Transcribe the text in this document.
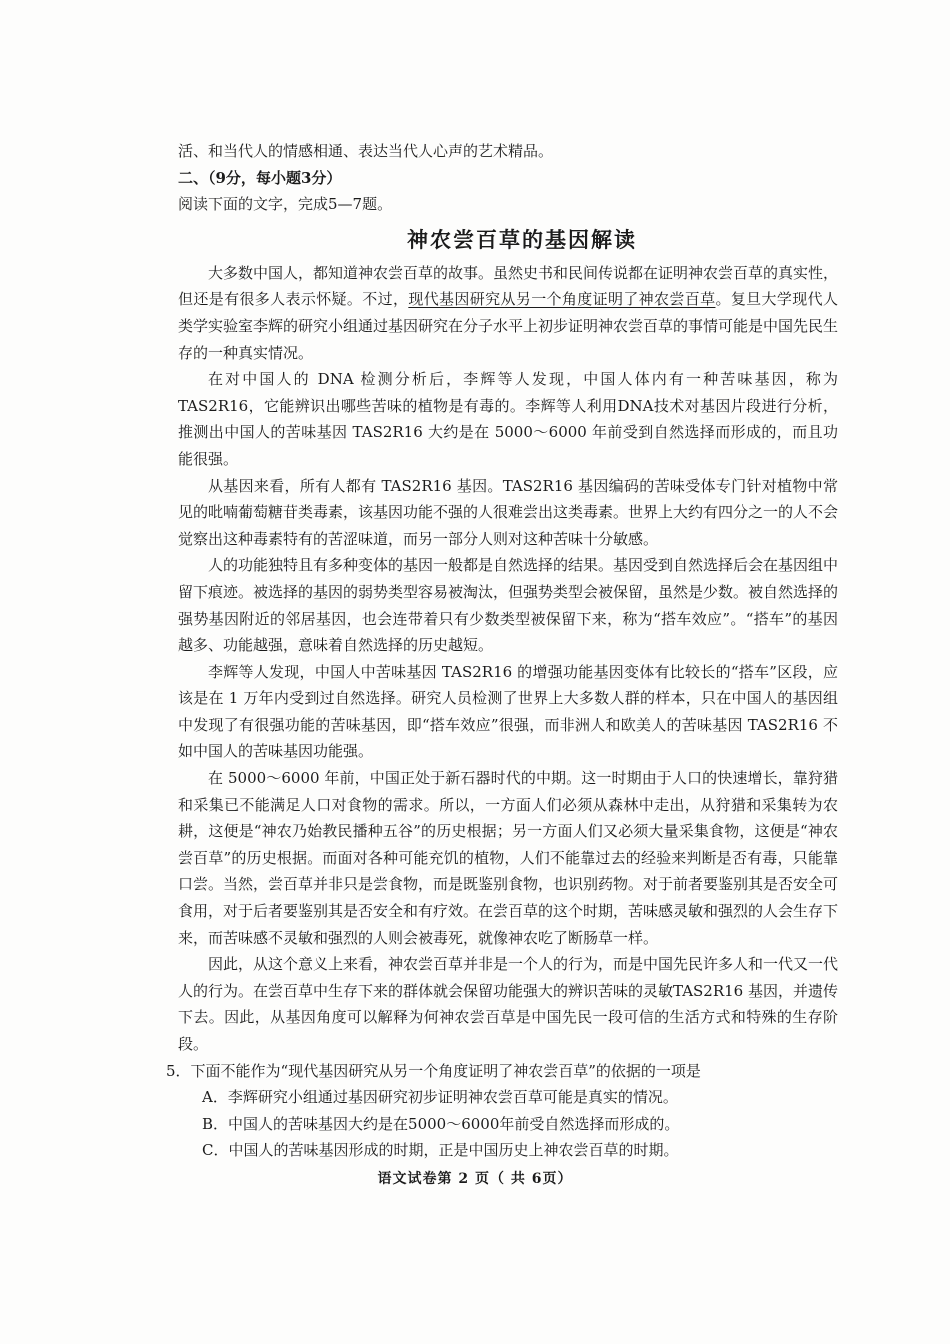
活、和当代人的情感相通、表达当代人心声的艺术精品。
二、（9分，每小题3分）
阅读下面的文字，完成5—7题。
神农尝百草的基因解读

大多数中国人，都知道神农尝百草的故事。虽然史书和民间传说都在证明神农尝百草的真实性，但还是有很多人表示怀疑。不过，现代基因研究从另一个角度证明了神农尝百草。复旦大学现代人类学实验室李辉的研究小组通过基因研究在分子水平上初步证明神农尝百草的事情可能是中国先民生存的一种真实情况。

在对中国人的 DNA 检测分析后，李辉等人发现，中国人体内有一种苦味基因，称为TAS2R16，它能辨识出哪些苦味的植物是有毒的。李辉等人利用DNA技术对基因片段进行分析，推测出中国人的苦味基因 TAS2R16 大约是在 5000～6000 年前受到自然选择而形成的，而且功能很强。

从基因来看，所有人都有 TAS2R16 基因。TAS2R16 基因编码的苦味受体专门针对植物中常见的吡喃葡萄糖苷类毒素，该基因功能不强的人很难尝出这类毒素。世界上大约有四分之一的人不会觉察出这种毒素特有的苦涩味道，而另一部分人则对这种苦味十分敏感。

人的功能独特且有多种变体的基因一般都是自然选择的结果。基因受到自然选择后会在基因组中留下痕迹。被选择的基因的弱势类型容易被淘汰，但强势类型会被保留，虽然是少数。被自然选择的强势基因附近的邻居基因，也会连带着只有少数类型被保留下来，称为“搭车效应”。“搭车”的基因越多、功能越强，意味着自然选择的历史越短。

李辉等人发现，中国人中苦味基因 TAS2R16 的增强功能基因变体有比较长的“搭车”区段，应该是在 1 万年内受到过自然选择。研究人员检测了世界上大多数人群的样本，只在中国人的基因组中发现了有很强功能的苦味基因，即“搭车效应”很强，而非洲人和欧美人的苦味基因 TAS2R16 不如中国人的苦味基因功能强。

在 5000～6000 年前，中国正处于新石器时代的中期。这一时期由于人口的快速增长，靠狩猎和采集已不能满足人口对食物的需求。所以，一方面人们必须从森林中走出，从狩猎和采集转为农耕，这便是“神农乃始教民播种五谷”的历史根据；另一方面人们又必须大量采集食物，这便是“神农尝百草”的历史根据。而面对各种可能充饥的植物，人们不能靠过去的经验来判断是否有毒，只能靠口尝。当然，尝百草并非只是尝食物，而是既鉴别食物，也识别药物。对于前者要鉴别其是否安全可食用，对于后者要鉴别其是否安全和有疗效。在尝百草的这个时期，苦味感灵敏和强烈的人会生存下来，而苦味感不灵敏和强烈的人则会被毒死，就像神农吃了断肠草一样。

因此，从这个意义上来看，神农尝百草并非是一个人的行为，而是中国先民许多人和一代又一代人的行为。在尝百草中生存下来的群体就会保留功能强大的辨识苦味的灵敏TAS2R16 基因，并遗传下去。因此，从基因角度可以解释为何神农尝百草是中国先民一段可信的生活方式和特殊的生存阶段。

5．下面不能作为“现代基因研究从另一个角度证明了神农尝百草”的依据的一项是
A．李辉研究小组通过基因研究初步证明神农尝百草可能是真实的情况。
B．中国人的苦味基因大约是在5000～6000年前受自然选择而形成的。
C．中国人的苦味基因形成的时期，正是中国历史上神农尝百草的时期。
语文试卷第 2 页（ 共 6页）
